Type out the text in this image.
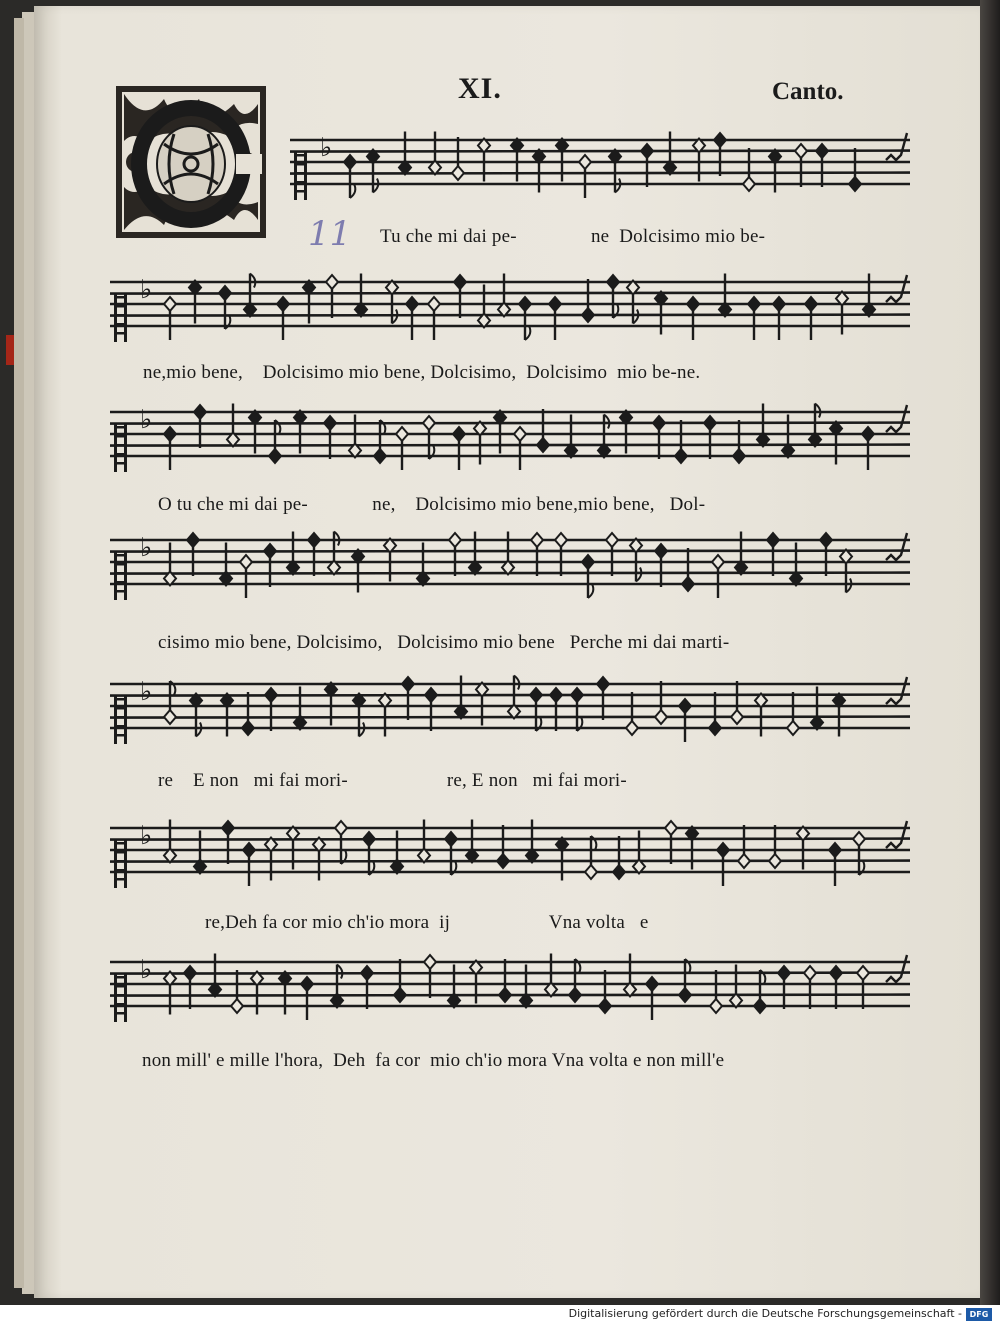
XI.	Canto.
11
♭
♭
♭
♭
♭
♭
♭
Tu che mi dai pe-               ne  Dolcisimo mio be-
ne,mio bene,    Dolcisimo mio bene, Dolcisimo,  Dolcisimo  mio be-ne.
O tu che mi dai pe-             ne,    Dolcisimo mio bene,mio bene,   Dol-
cisimo mio bene, Dolcisimo,   Dolcisimo mio bene   Perche mi dai marti-
re    E non   mi fai mori-                    re, E non   mi fai mori-
re,Deh fa cor mio ch'io mora  ij                    Vna volta   e
non mill' e mille l'hora,  Deh  fa cor  mio ch'io mora Vna volta e non mill'e
Digitalisierung gefördert durch die Deutsche Forschungsgemeinschaft - DFG
